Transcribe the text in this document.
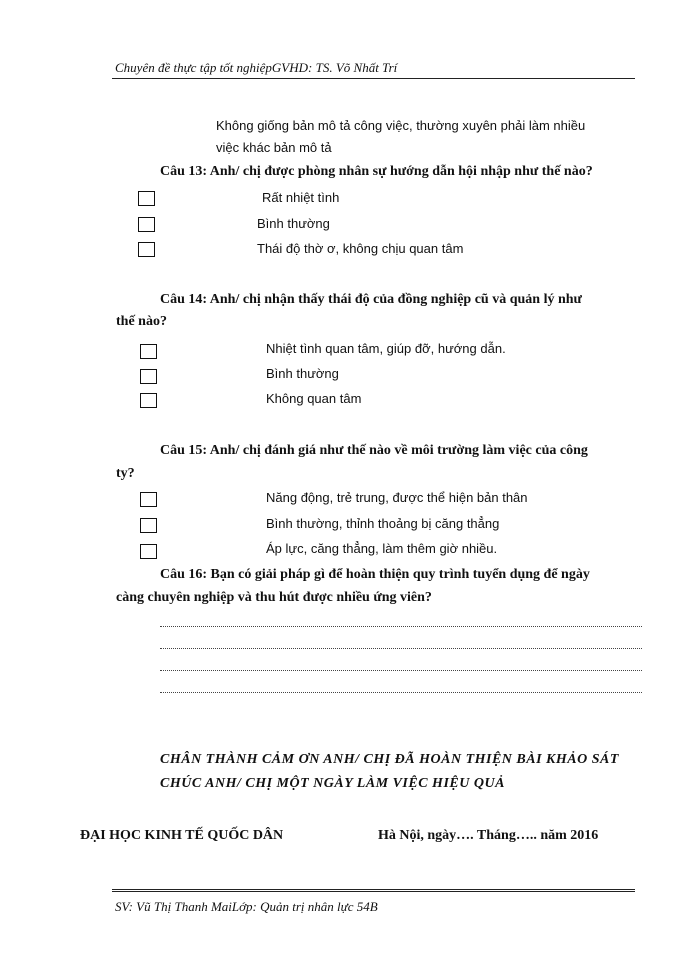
Chuyên đề thực tập tốt nghiệpGVHD: TS. Võ Nhất Trí
Không giống bản mô tả công việc, thường xuyên phải làm nhiều
việc khác bản mô tả
Câu 13: Anh/ chị được phòng nhân sự hướng dẫn hội nhập như thế nào?
Rất nhiệt tình
Bình thường
Thái độ thờ ơ, không chịu quan tâm
Câu 14: Anh/ chị nhận thấy thái độ của đồng nghiệp cũ và quản lý như
thế nào?
Nhiệt tình quan tâm, giúp đỡ, hướng dẫn.
Bình thường
Không quan tâm
Câu 15: Anh/ chị đánh giá như thế nào về môi trường làm việc của công
ty?
Năng động, trẻ trung, được thể hiện bản thân
Bình thường, thỉnh thoảng bị căng thẳng
Áp lực, căng thẳng, làm thêm giờ nhiều.
Câu 16: Bạn có giải pháp gì để hoàn thiện quy trình tuyển dụng để ngày
càng chuyên nghiệp và thu hút được nhiều ứng viên?
CHÂN THÀNH CẢM ƠN ANH/ CHỊ ĐÃ HOÀN THIỆN BÀI KHẢO SÁT
CHÚC ANH/ CHỊ MỘT NGÀY LÀM VIỆC HIỆU QUẢ
ĐẠI HỌC KINH TẾ QUỐC DÂN	Hà Nội, ngày…. Tháng….. năm 2016
SV: Vũ Thị Thanh MaiLớp: Quản trị nhân lực 54B
